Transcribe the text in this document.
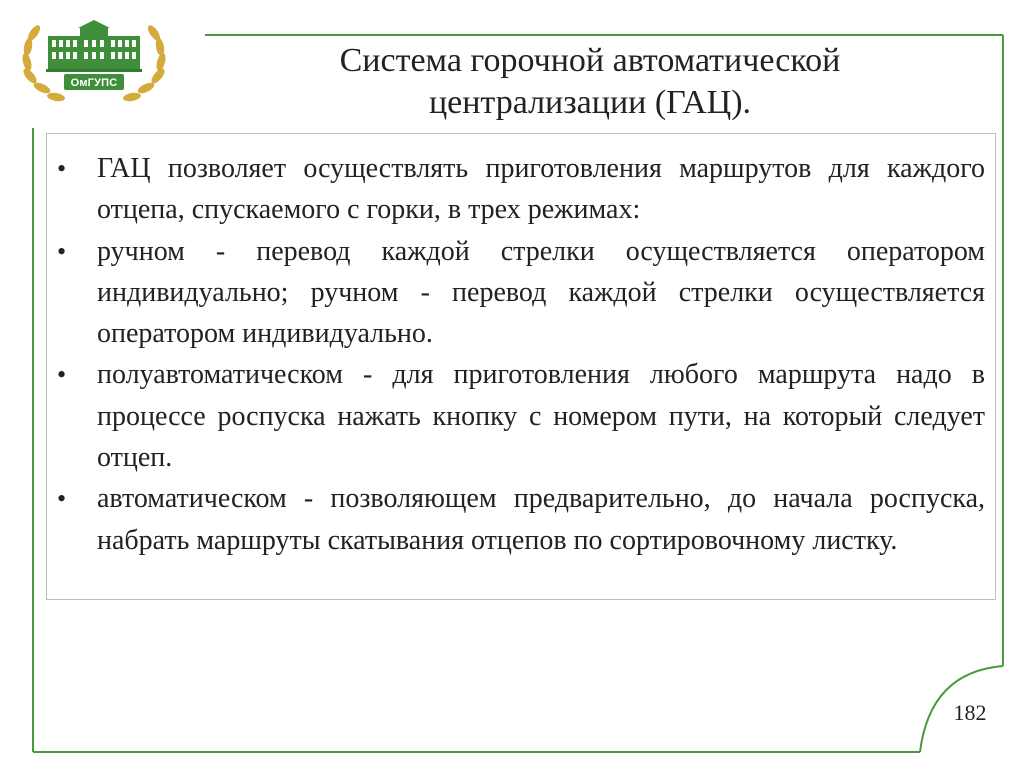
ОмГУПС
Система горочной автоматической
централизации (ГАЦ).
• ГАЦ позволяет осуществлять приготовления маршрутов для каждого отцепа, спускаемого с горки, в трех режимах:
• ручном - перевод каждой стрелки осуществляется оператором индивидуально; ручном - перевод каждой стрелки осуществляется оператором индивидуально.
• полуавтоматическом - для приготовления любого маршрута надо в процессе роспуска нажать кнопку с номером пути, на который следует отцеп.
• автоматическом - позволяющем предварительно, до начала роспуска, набрать маршруты скатывания отцепов по сортировочному листку.
182
